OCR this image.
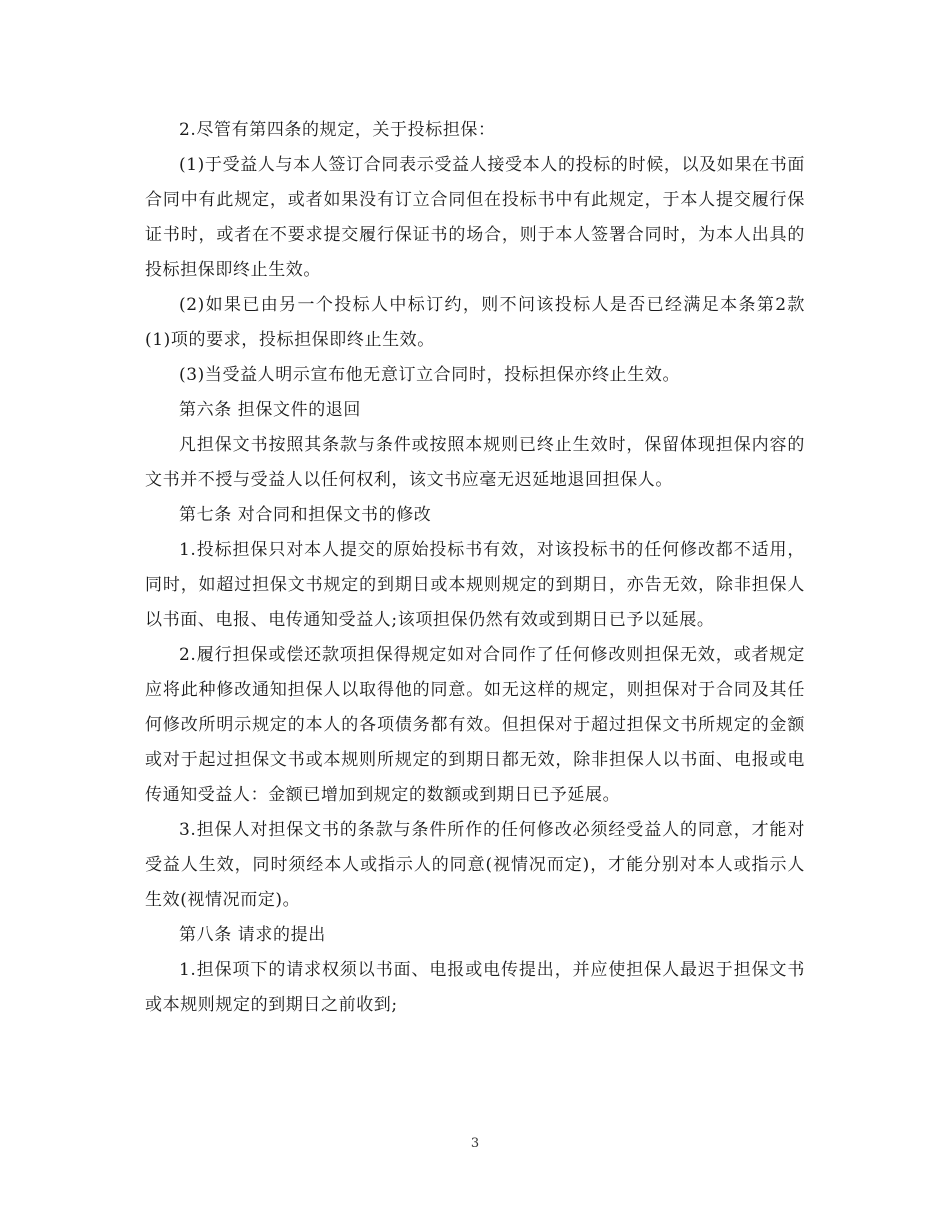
2.尽管有第四条的规定，关于投标担保：

(1)于受益人与本人签订合同表示受益人接受本人的投标的时候，以及如果在书面合同中有此规定，或者如果没有订立合同但在投标书中有此规定，于本人提交履行保证书时，或者在不要求提交履行保证书的场合，则于本人签署合同时，为本人出具的投标担保即终止生效。

(2)如果已由另一个投标人中标订约，则不问该投标人是否已经满足本条第2款(1)项的要求，投标担保即终止生效。

(3)当受益人明示宣布他无意订立合同时，投标担保亦终止生效。

第六条 担保文件的退回

凡担保文书按照其条款与条件或按照本规则已终止生效时，保留体现担保内容的文书并不授与受益人以任何权利，该文书应毫无迟延地退回担保人。

第七条 对合同和担保文书的修改

1.投标担保只对本人提交的原始投标书有效，对该投标书的任何修改都不适用，同时，如超过担保文书规定的到期日或本规则规定的到期日，亦告无效，除非担保人以书面、电报、电传通知受益人;该项担保仍然有效或到期日已予以延展。

2.履行担保或偿还款项担保得规定如对合同作了任何修改则担保无效，或者规定应将此种修改通知担保人以取得他的同意。如无这样的规定，则担保对于合同及其任何修改所明示规定的本人的各项债务都有效。但担保对于超过担保文书所规定的金额或对于起过担保文书或本规则所规定的到期日都无效，除非担保人以书面、电报或电传通知受益人：金额已增加到规定的数额或到期日已予延展。

3.担保人对担保文书的条款与条件所作的任何修改必须经受益人的同意，才能对受益人生效，同时须经本人或指示人的同意(视情况而定)，才能分别对本人或指示人生效(视情况而定)。

第八条 请求的提出

1.担保项下的请求权须以书面、电报或电传提出，并应使担保人最迟于担保文书或本规则规定的到期日之前收到;

3
